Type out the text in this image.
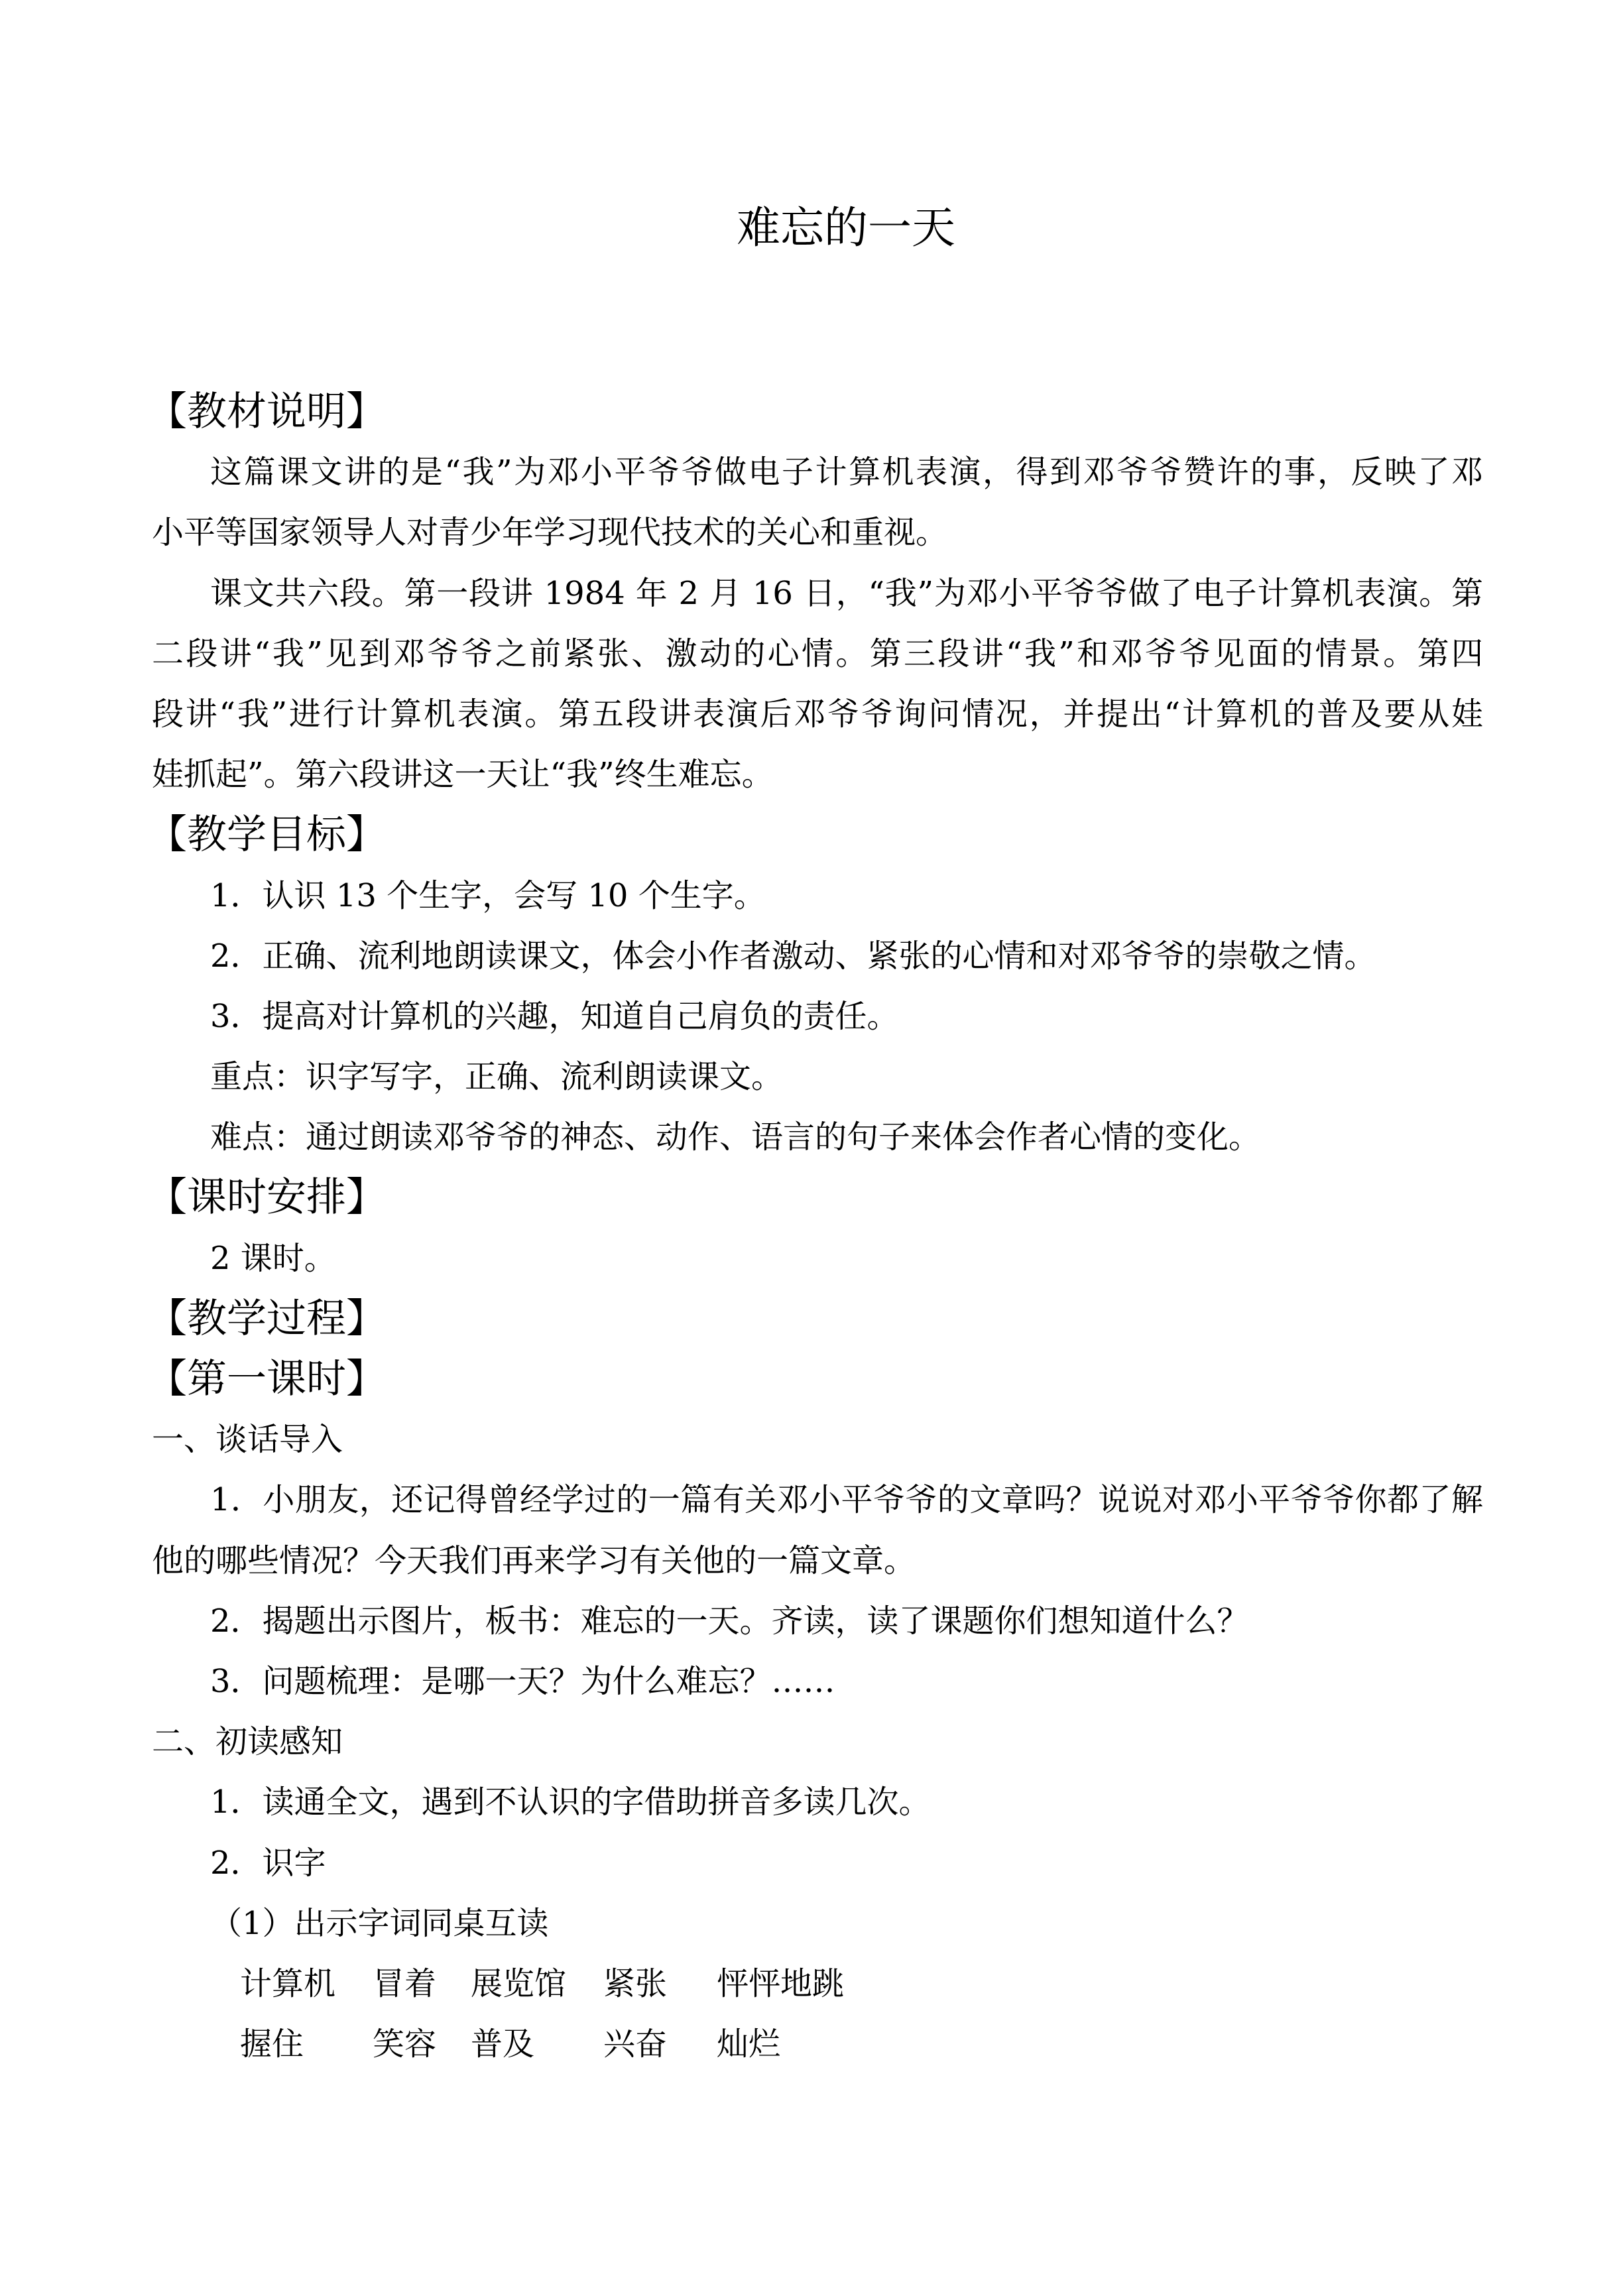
难忘的一天
【教材说明】
这篇课文讲的是“我”为邓小平爷爷做电子计算机表演，得到邓爷爷赞许的事，反映了邓
小平等国家领导人对青少年学习现代技术的关心和重视。
课文共六段。第一段讲 1984 年 2 月 16 日，“我”为邓小平爷爷做了电子计算机表演。第
二段讲“我”见到邓爷爷之前紧张、激动的心情。第三段讲“我”和邓爷爷见面的情景。第四
段讲“我”进行计算机表演。第五段讲表演后邓爷爷询问情况，并提出“计算机的普及要从娃
娃抓起”。第六段讲这一天让“我”终生难忘。
【教学目标】
1．认识 13 个生字，会写 10 个生字。
2．正确、流利地朗读课文，体会小作者激动、紧张的心情和对邓爷爷的崇敬之情。
3．提高对计算机的兴趣，知道自己肩负的责任。
重点：识字写字，正确、流利朗读课文。
难点：通过朗读邓爷爷的神态、动作、语言的句子来体会作者心情的变化。
【课时安排】
2 课时。
【教学过程】
【第一课时】
一、谈话导入
1．小朋友，还记得曾经学过的一篇有关邓小平爷爷的文章吗？说说对邓小平爷爷你都了解
他的哪些情况？今天我们再来学习有关他的一篇文章。
2．揭题出示图片，板书：难忘的一天。齐读，读了课题你们想知道什么？
3．问题梳理：是哪一天？为什么难忘？……
二、初读感知
1．读通全文，遇到不认识的字借助拼音多读几次。
2．识字
（1）出示字词同桌互读
计算机 冒着 展览馆 紧张 怦怦地跳
握住 笑容 普及 兴奋 灿烂
